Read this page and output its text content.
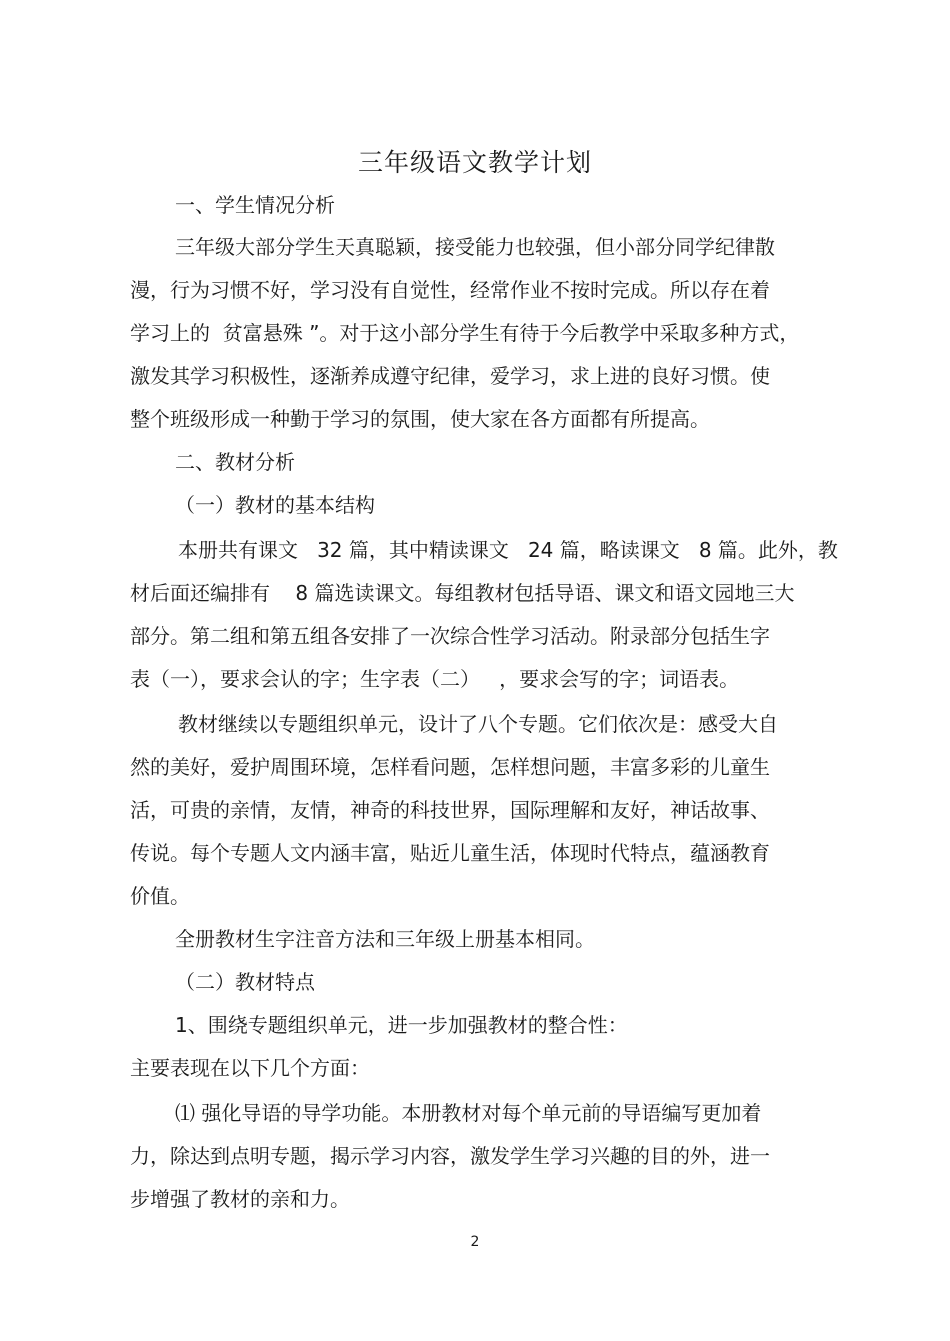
三年级语文教学计划
一、学生情况分析
三年级大部分学生天真聪颖，接受能力也较强，但小部分同学纪律散
漫，行为习惯不好，学习没有自觉性，经常作业不按时完成。所以存在着
学习上的  贫富悬殊 ”。对于这小部分学生有待于今后教学中采取多种方式，
激发其学习积极性，逐渐养成遵守纪律，爱学习，求上进的良好习惯。使
整个班级形成一种勤于学习的氛围，使大家在各方面都有所提高。
二、教材分析
（一）教材的基本结构
本册共有课文   32 篇，其中精读课文   24 篇，略读课文   8 篇。此外，教
材后面还编排有    8 篇选读课文。每组教材包括导语、课文和语文园地三大
部分。第二组和第五组各安排了一次综合性学习活动。附录部分包括生字
表（一），要求会认的字；生字表（二）   ，要求会写的字；词语表。
教材继续以专题组织单元，设计了八个专题。它们依次是：感受大自
然的美好，爱护周围环境，怎样看问题，怎样想问题，丰富多彩的儿童生
活，可贵的亲情，友情，神奇的科技世界，国际理解和友好，神话故事、
传说。每个专题人文内涵丰富，贴近儿童生活，体现时代特点，蕴涵教育
价值。
全册教材生字注音方法和三年级上册基本相同。
（二）教材特点
1、围绕专题组织单元，进一步加强教材的整合性：
主要表现在以下几个方面：
⑴ 强化导语的导学功能。本册教材对每个单元前的导语编写更加着
力，除达到点明专题，揭示学习内容，激发学生学习兴趣的目的外，进一
步增强了教材的亲和力。
2
